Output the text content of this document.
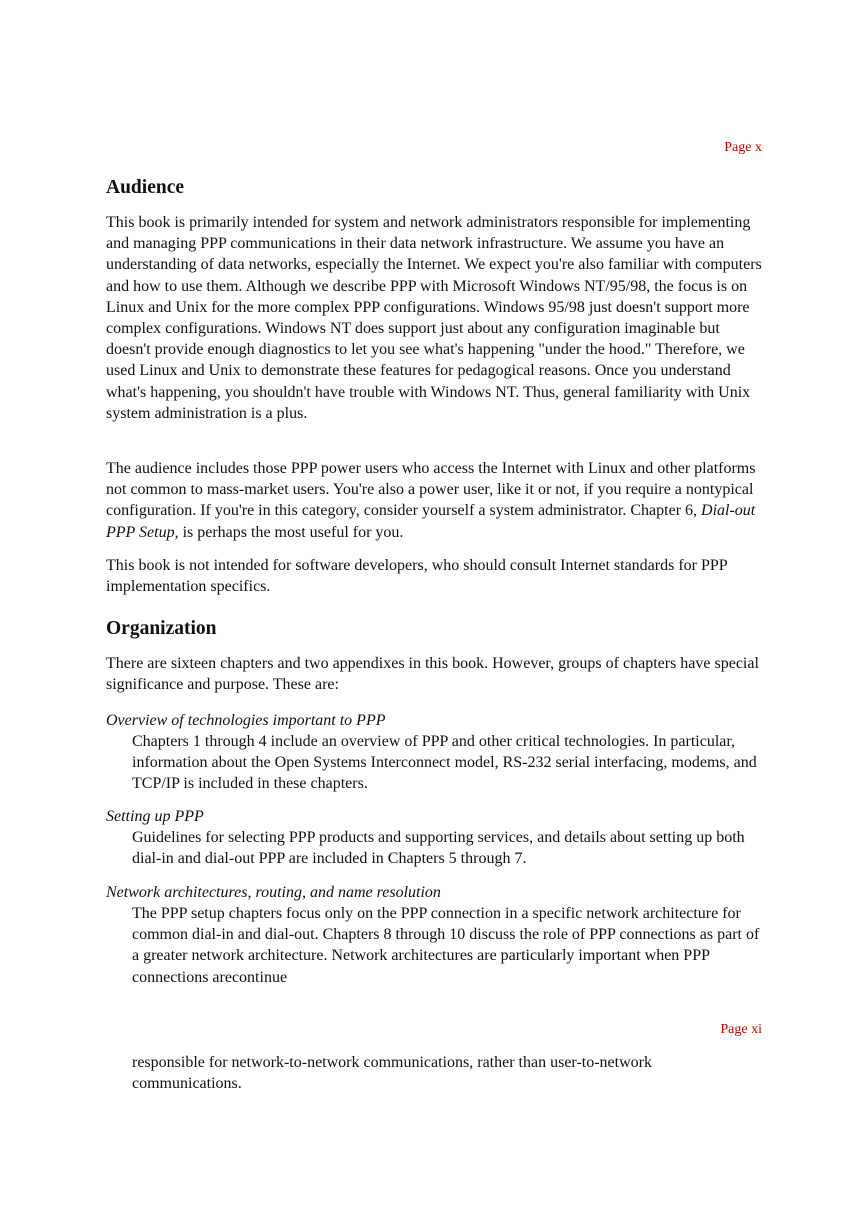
Page x
Audience

This book is primarily intended for system and network administrators responsible for implementing and managing PPP communications in their data network infrastructure. We assume you have an understanding of data networks, especially the Internet. We expect you're also familiar with computers and how to use them. Although we describe PPP with Microsoft Windows NT/95/98, the focus is on Linux and Unix for the more complex PPP configurations. Windows 95/98 just doesn't support more complex configurations. Windows NT does support just about any configuration imaginable but doesn't provide enough diagnostics to let you see what's happening "under the hood." Therefore, we used Linux and Unix to demonstrate these features for pedagogical reasons. Once you understand what's happening, you shouldn't have trouble with Windows NT. Thus, general familiarity with Unix system administration is a plus.

The audience includes those PPP power users who access the Internet with Linux and other platforms not common to mass-market users. You're also a power user, like it or not, if you require a nontypical configuration. If you're in this category, consider yourself a system administrator. Chapter 6, Dial-out PPP Setup, is perhaps the most useful for you.

This book is not intended for software developers, who should consult Internet standards for PPP implementation specifics.

Organization

There are sixteen chapters and two appendixes in this book. However, groups of chapters have special significance and purpose. These are:

Overview of technologies important to PPP
Chapters 1 through 4 include an overview of PPP and other critical technologies. In particular, information about the Open Systems Interconnect model, RS-232 serial interfacing, modems, and TCP/IP is included in these chapters.
Setting up PPP
Guidelines for selecting PPP products and supporting services, and details about setting up both dial-in and dial-out PPP are included in Chapters 5 through 7.
Network architectures, routing, and name resolution
The PPP setup chapters focus only on the PPP connection in a specific network architecture for common dial-in and dial-out. Chapters 8 through 10 discuss the role of PPP connections as part of a greater network architecture. Network architectures are particularly important when PPP connections arecontinue
Page xi
responsible for network-to-network communications, rather than user-to-network communications.
